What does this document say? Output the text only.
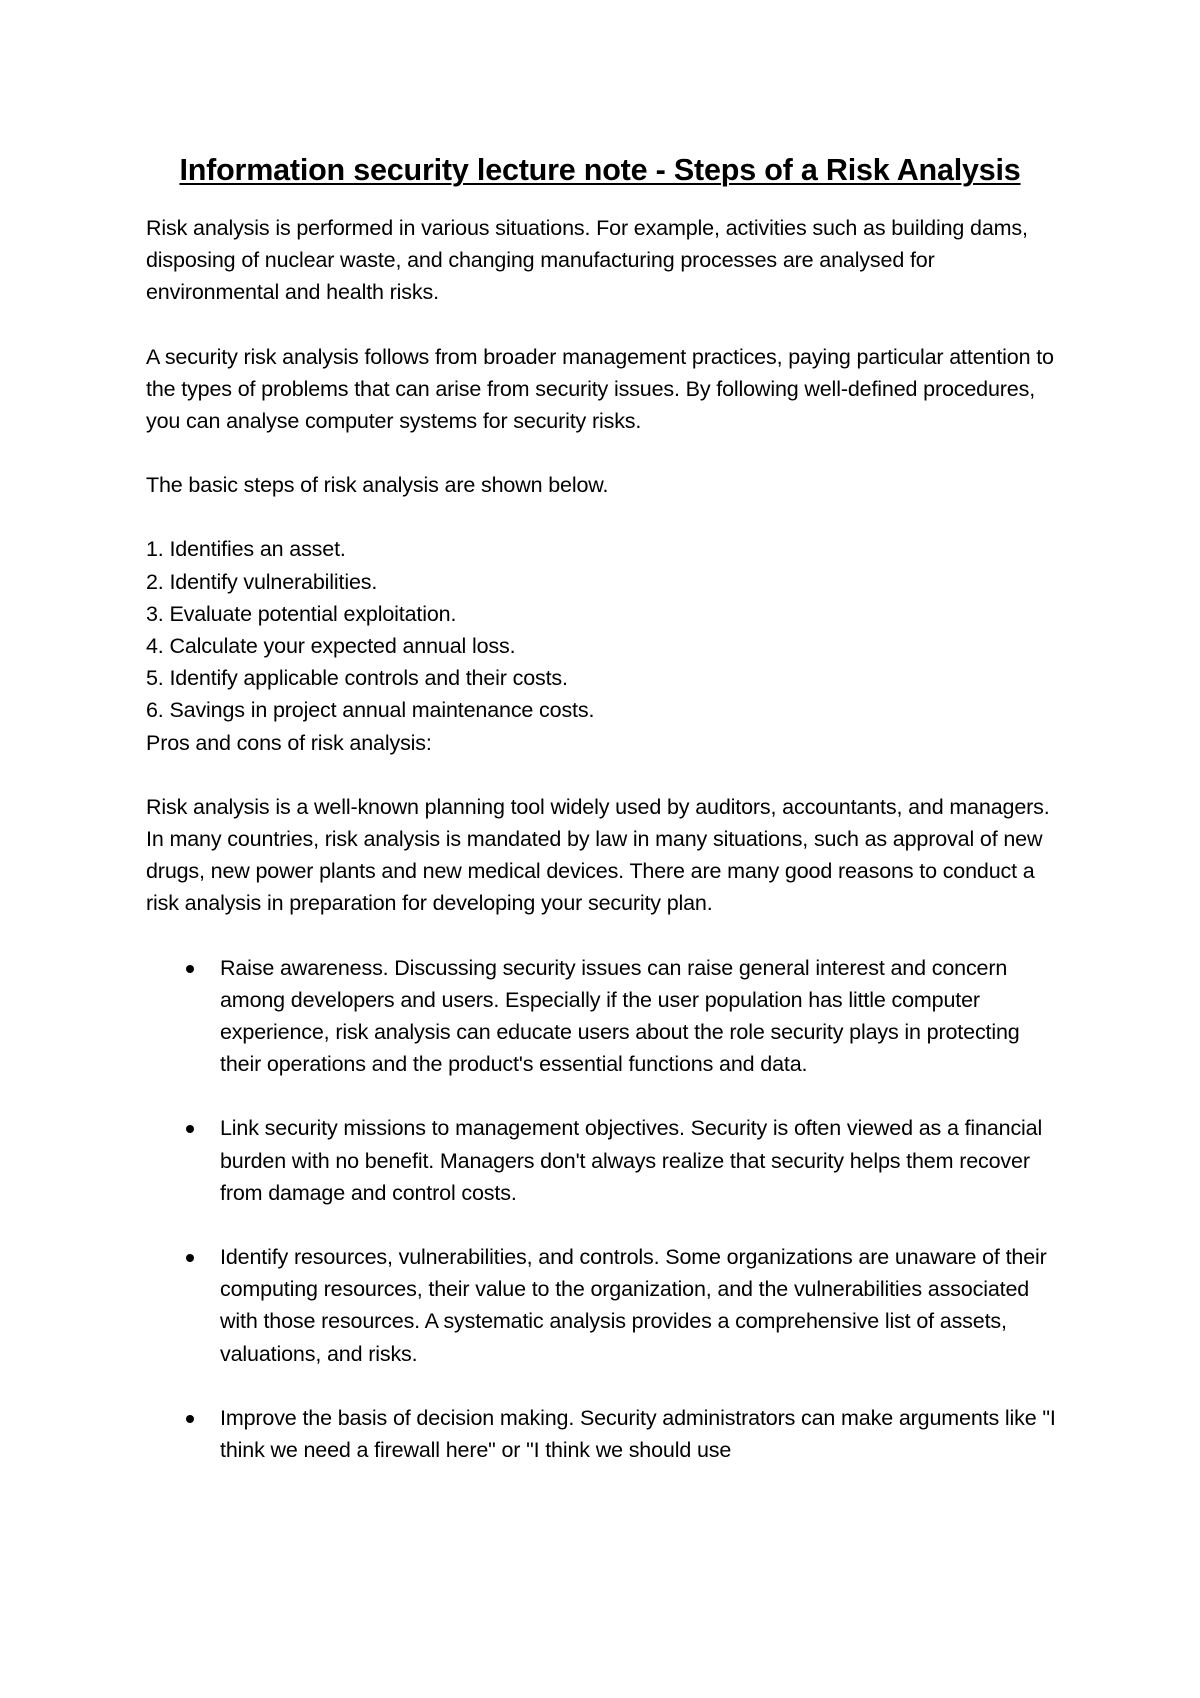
Information security lecture note - Steps of a Risk Analysis

Risk analysis is performed in various situations. For example, activities such as building dams, disposing of nuclear waste, and changing manufacturing processes are analysed for environmental and health risks.

A security risk analysis follows from broader management practices, paying particular attention to the types of problems that can arise from security issues. By following well-defined procedures, you can analyse computer systems for security risks.

The basic steps of risk analysis are shown below.

1. Identifies an asset.
2. Identify vulnerabilities.
3. Evaluate potential exploitation.
4. Calculate your expected annual loss.
5. Identify applicable controls and their costs.
6. Savings in project annual maintenance costs.

Pros and cons of risk analysis:

Risk analysis is a well-known planning tool widely used by auditors, accountants, and managers. In many countries, risk analysis is mandated by law in many situations, such as approval of new drugs, new power plants and new medical devices. There are many good reasons to conduct a risk analysis in preparation for developing your security plan.

Raise awareness. Discussing security issues can raise general interest and concern among developers and users. Especially if the user population has little computer experience, risk analysis can educate users about the role security plays in protecting their operations and the product's essential functions and data.
Link security missions to management objectives. Security is often viewed as a financial burden with no benefit. Managers don't always realize that security helps them recover from damage and control costs.
Identify resources, vulnerabilities, and controls. Some organizations are unaware of their computing resources, their value to the organization, and the vulnerabilities associated with those resources. A systematic analysis provides a comprehensive list of assets, valuations, and risks.
Improve the basis of decision making. Security administrators can make arguments like "I think we need a firewall here" or "I think we should use
